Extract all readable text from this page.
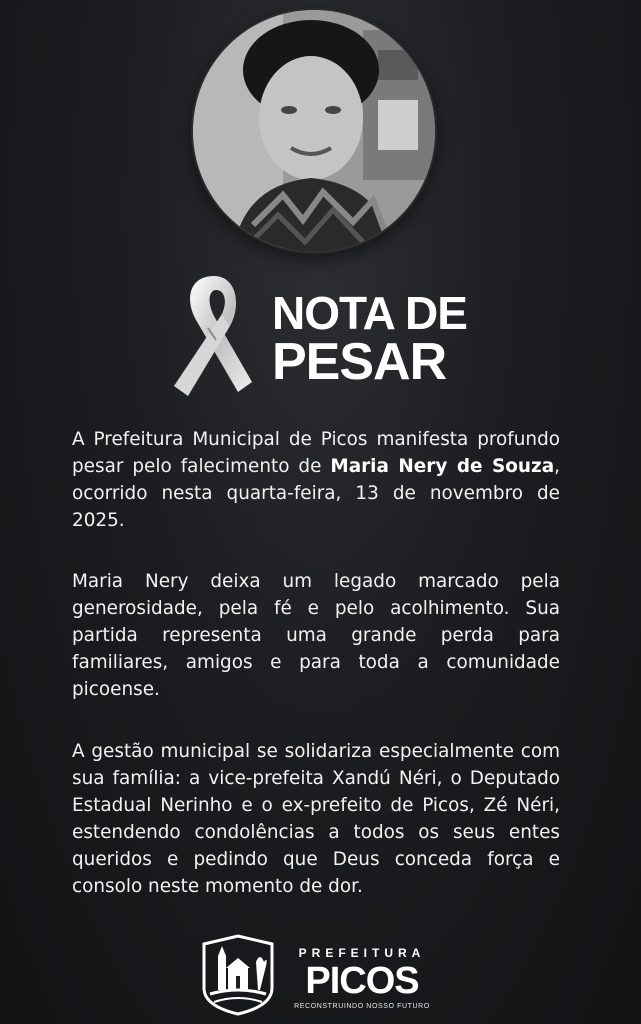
NOTA DE
PESAR

A Prefeitura Municipal de Picos manifesta profundo pesar pelo falecimento de Maria Nery de Souza, ocorrido nesta quarta-feira, 13 de novembro de 2025.

Maria Nery deixa um legado marcado pela generosidade, pela fé e pelo acolhimento. Sua partida representa uma grande perda para familiares, amigos e para toda a comunidade picoense.

A gestão municipal se solidariza especialmente com sua família: a vice-prefeita Xandú Néri, o Deputado Estadual Nerinho e o ex-prefeito de Picos, Zé Néri, estendendo condolências a todos os seus entes queridos e pedindo que Deus conceda força e consolo neste momento de dor.

PREFEITURA
PICOS
RECONSTRUINDO NOSSO FUTURO
